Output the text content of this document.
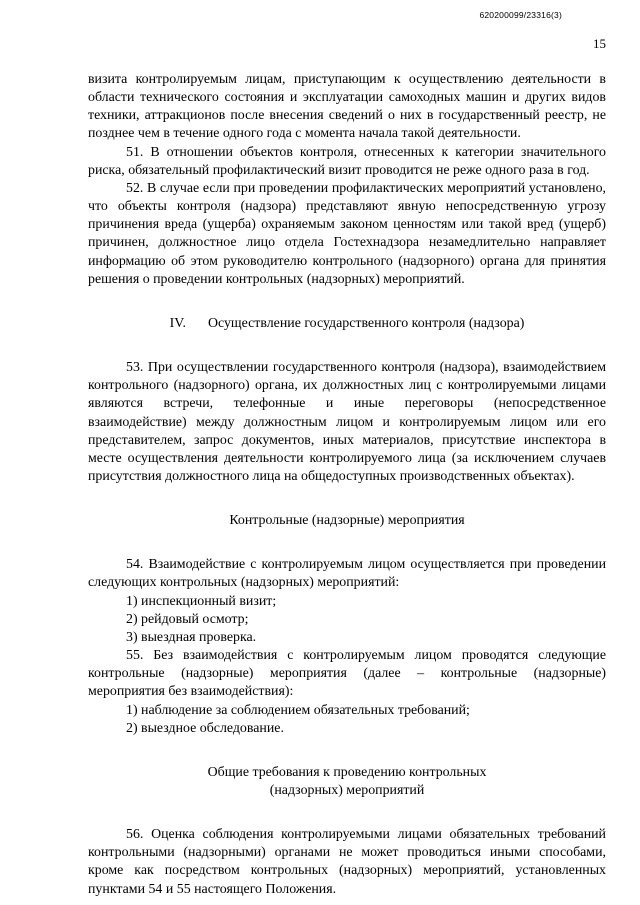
620200099/23316(3)
15

визита контролируемым лицам, приступающим к осуществлению деятельности в области технического состояния и эксплуатации самоходных машин и других видов техники, аттракционов после внесения сведений о них в государственный реестр, не позднее чем в течение одного года с момента начала такой деятельности.

51. В отношении объектов контроля, отнесенных к категории значительного риска, обязательный профилактический визит проводится не реже одного раза в год.

52. В случае если при проведении профилактических мероприятий установлено, что объекты контроля (надзора) представляют явную непосредственную угрозу причинения вреда (ущерба) охраняемым законом ценностям или такой вред (ущерб) причинен, должностное лицо отдела Гостехнадзора незамедлительно направляет информацию об этом руководителю контрольного (надзорного) органа для принятия решения о проведении контрольных (надзорных) мероприятий.

IV. Осуществление государственного контроля (надзора)

53. При осуществлении государственного контроля (надзора), взаимодействием контрольного (надзорного) органа, их должностных лиц с контролируемыми лицами являются встречи, телефонные и иные переговоры (непосредственное взаимодействие) между должностным лицом и контролируемым лицом или его представителем, запрос документов, иных материалов, присутствие инспектора в месте осуществления деятельности контролируемого лица (за исключением случаев присутствия должностного лица на общедоступных производственных объектах).

Контрольные (надзорные) мероприятия

54. Взаимодействие с контролируемым лицом осуществляется при проведении следующих контрольных (надзорных) мероприятий:

1) инспекционный визит;

2) рейдовый осмотр;

3) выездная проверка.

55. Без взаимодействия с контролируемым лицом проводятся следующие контрольные (надзорные) мероприятия (далее – контрольные (надзорные) мероприятия без взаимодействия):

1) наблюдение за соблюдением обязательных требований;

2) выездное обследование.

Общие требования к проведению контрольных
(надзорных) мероприятий

56. Оценка соблюдения контролируемыми лицами обязательных требований контрольными (надзорными) органами не может проводиться иными способами, кроме как посредством контрольных (надзорных) мероприятий, установленных пунктами 54 и 55 настоящего Положения.
